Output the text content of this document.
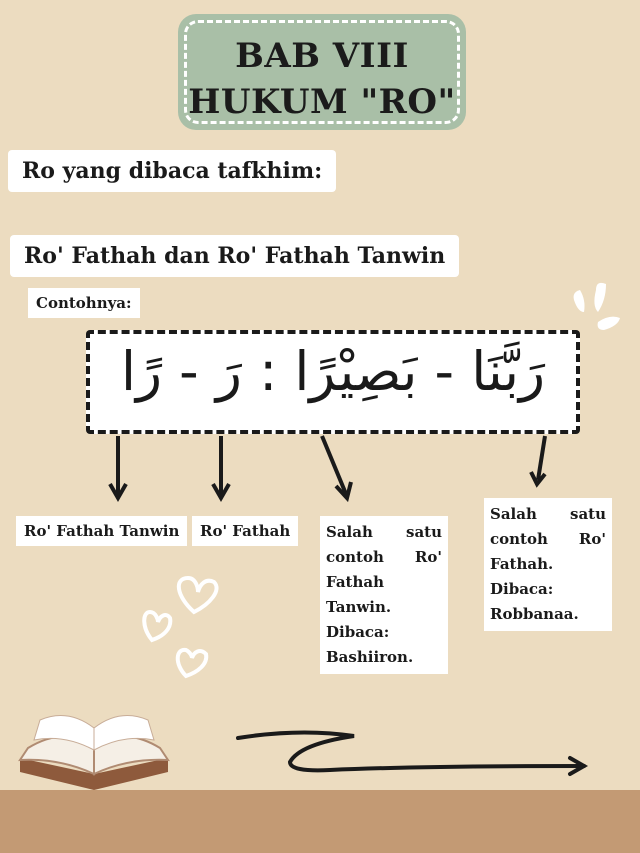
BAB VIII
HUKUM "RO"
Ro yang dibaca tafkhim:
Ro' Fathah dan Ro' Fathah Tanwin
Contohnya:
رَبَّنَا - بَصِيْرًا : رَ - رًا
Ro' Fathah Tanwin	Ro' Fathah	Salah satu
contoh Ro'
Fathah
Tanwin.
Dibaca:
Bashiiron.
Salah satu
contoh Ro'
Fathah.
Dibaca:
Robbanaa.
